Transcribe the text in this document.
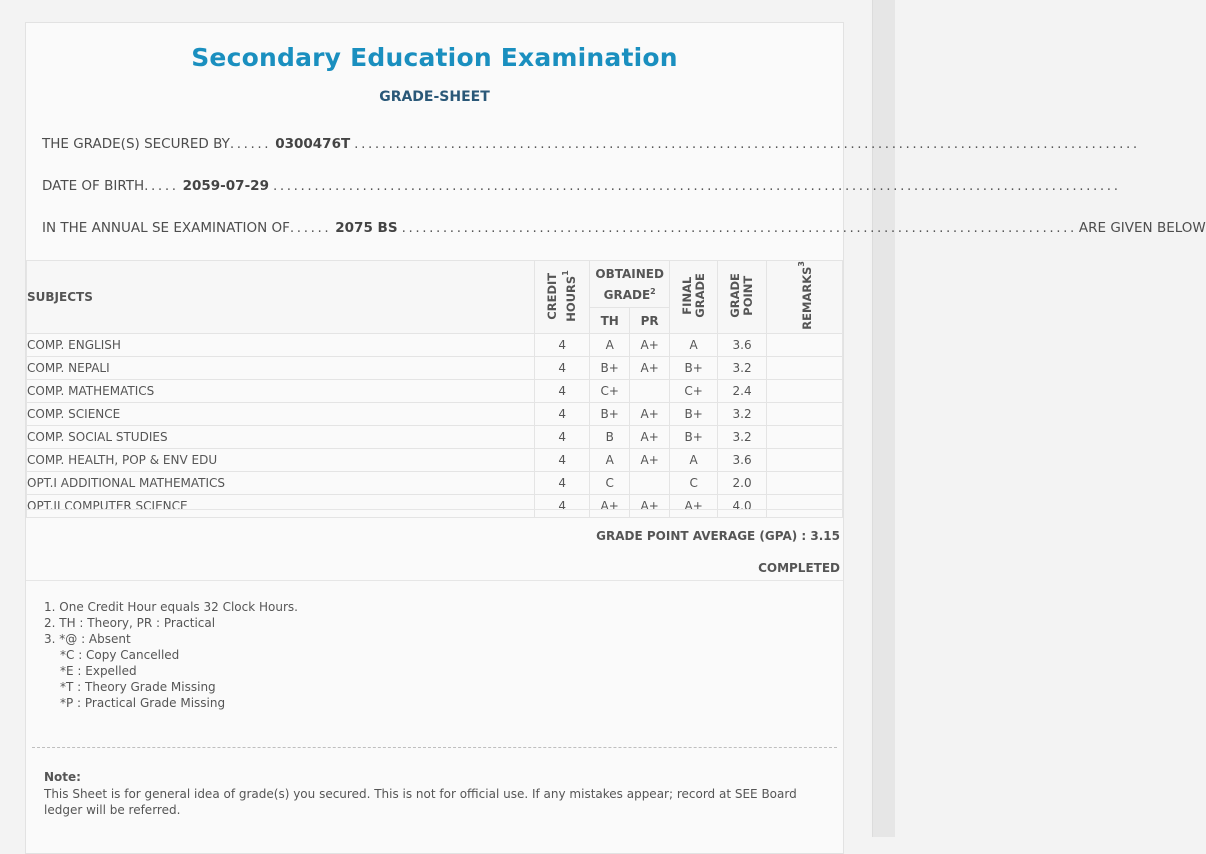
Secondary Education Examination
GRADE-SHEET
THE GRADE(S) SECURED BY ...... 0300476T ..................................................................................................................
DATE OF BIRTH ..... 2059-07-29 ...........................................................................................................................
IN THE ANNUAL SE EXAMINATION OF ...... 2075 BS .................................................................................................. ARE GIVEN BELOW
SUBJECTS	CREDIT HOURS$^1$	OBTAINED GRADE$^2$		FINAL GRADE	GRADE POINT	REMARKS$^3$
		TH	PR			
COMP. ENGLISH	4	A	A+	A	3.6	
COMP. NEPALI	4	B+	A+	B+	3.2	
COMP. MATHEMATICS	4	C+		C+	2.4	
COMP. SCIENCE	4	B+	A+	B+	3.2	
COMP. SOCIAL STUDIES	4	B	A+	B+	3.2	
COMP. HEALTH, POP & ENV EDU	4	A	A+	A	3.6	
OPT.I ADDITIONAL MATHEMATICS	4	C		C	2.0	
OPT.II COMPUTER SCIENCE	4	A+	A+	A+	4.0	
GRADE POINT AVERAGE (GPA) : 3.15
COMPLETED
1. One Credit Hour equals 32 Clock Hours.
2. TH : Theory, PR : Practical
3. *@ : Absent
*C : Copy Cancelled
*E : Expelled
*T : Theory Grade Missing
*P : Practical Grade Missing
Note:
This Sheet is for general idea of grade(s) you secured. This is not for official use. If any mistakes appear; record at SEE Board ledger will be referred.
